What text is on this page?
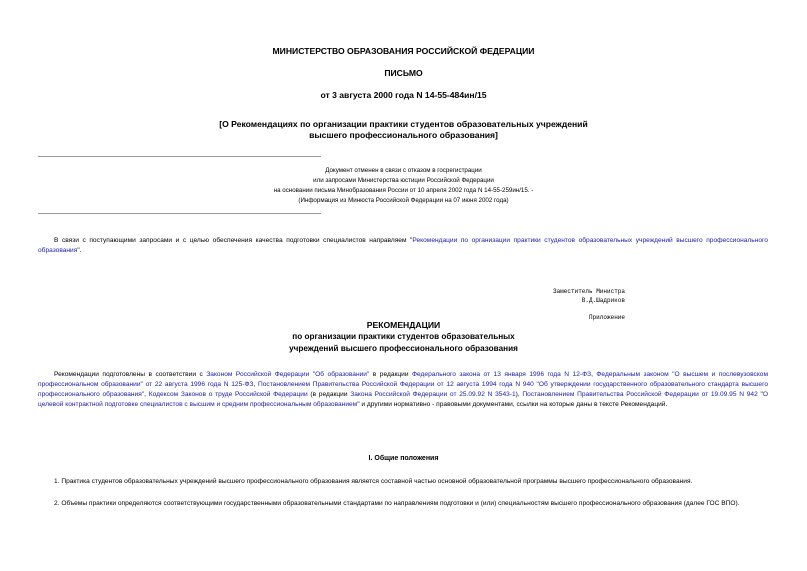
МИНИСТЕРСТВО ОБРАЗОВАНИЯ РОССИЙСКОЙ ФЕДЕРАЦИИ
ПИСЬМО
от 3 августа 2000 года N 14-55-484ин/15
[О Рекомендациях по организации практики студентов образовательных учреждений
высшего профессионального образования]
Документ отменен в связи с отказом в госрегистрации
или запросами Министерства юстиции Российской Федерации
на основании письма Минобразования России от 10 апреля 2002 года N 14-55-259ин/15. -
(Информация из Минюста Российской Федерации на 07 июня 2002 года)
В связи с поступающими запросами и с целью обеспечения качества подготовки специалистов направляем "Рекомендации по организации практики студентов образовательных учреждений высшего профессионального образования".
Заместитель Министра
В.Д.Шадриков
Приложение
РЕКОМЕНДАЦИИ
по организации практики студентов образовательных
учреждений высшего профессионального образования
Рекомендации подготовлены в соответствии с Законом Российской Федерации "Об образовании" в редакции Федерального закона от 13 января 1996 года N 12-ФЗ, Федеральным законом "О высшем и послевузовском профессиональном образовании" от 22 августа 1996 года N 125-ФЗ, Постановлением Правительства Российской Федерации от 12 августа 1994 года N 940 "Об утверждении государственного образовательного стандарта высшего профессионального образования", Кодексом Законов о труде Российской Федерации (в редакции Закона Российской Федерации от 25.09.92 N 3543-1), Постановлением Правительства Российской Федерации от 19.09.95 N 942 "О целевой контрактной подготовке специалистов с высшим и средним профессиональным образованием" и другими нормативно - правовыми документами, ссылки на которые даны в тексте Рекомендаций.
I. Общие положения
1. Практика студентов образовательных учреждений высшего профессионального образования является составной частью основной образовательной программы высшего профессионального образования.
2. Объемы практики определяются соответствующими государственными образовательными стандартами по направлениям подготовки и (или) специальностям высшего профессионального образования (далее ГОС ВПО).
